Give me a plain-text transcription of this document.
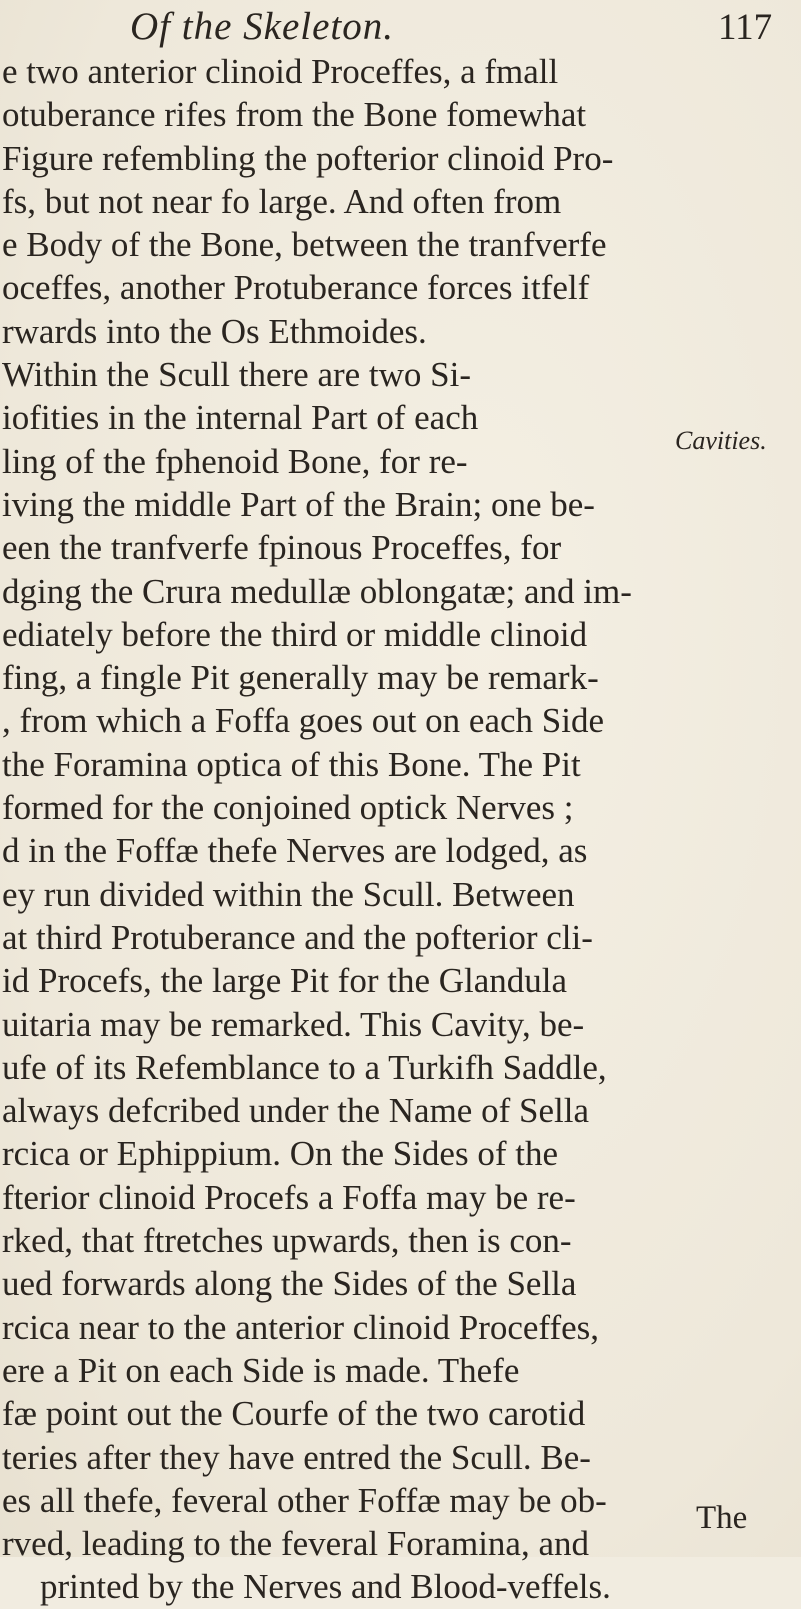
Of the Skeleton.	117
Cavities.
e two anterior clinoid Proceffes, a fmall
otuberance rifes from the Bone fomewhat
Figure refembling the pofterior clinoid Pro-
fs, but not near fo large. And often from
e Body of the Bone, between the tranfverfe
oceffes, another Protuberance forces itfelf
rwards into the Os Ethmoides.
Within the Scull there are two Si-
iofities in the internal Part of each
ling of the fphenoid Bone, for re-
iving the middle Part of the Brain; one be-
een the tranfverfe fpinous Proceffes, for
dging the Crura medullæ oblongatæ; and im-
ediately before the third or middle clinoid
fing, a fingle Pit generally may be remark-
, from which a Foffa goes out on each Side
the Foramina optica of this Bone. The Pit
formed for the conjoined optick Nerves ;
d in the Foffæ thefe Nerves are lodged, as
ey run divided within the Scull. Between
at third Protuberance and the pofterior cli-
id Procefs, the large Pit for the Glandula
uitaria may be remarked. This Cavity, be-
ufe of its Refemblance to a Turkifh Saddle,
always defcribed under the Name of Sella
rcica or Ephippium. On the Sides of the
fterior clinoid Procefs a Foffa may be re-
rked, that ftretches upwards, then is con-
ued forwards along the Sides of the Sella
rcica near to the anterior clinoid Proceffes,
ere a Pit on each Side is made. Thefe
fæ point out the Courfe of the two carotid
teries after they have entred the Scull. Be-
es all thefe, feveral other Foffæ may be ob-
rved, leading to the feveral Foramina, and
printed by the Nerves and Blood-veffels.
The
